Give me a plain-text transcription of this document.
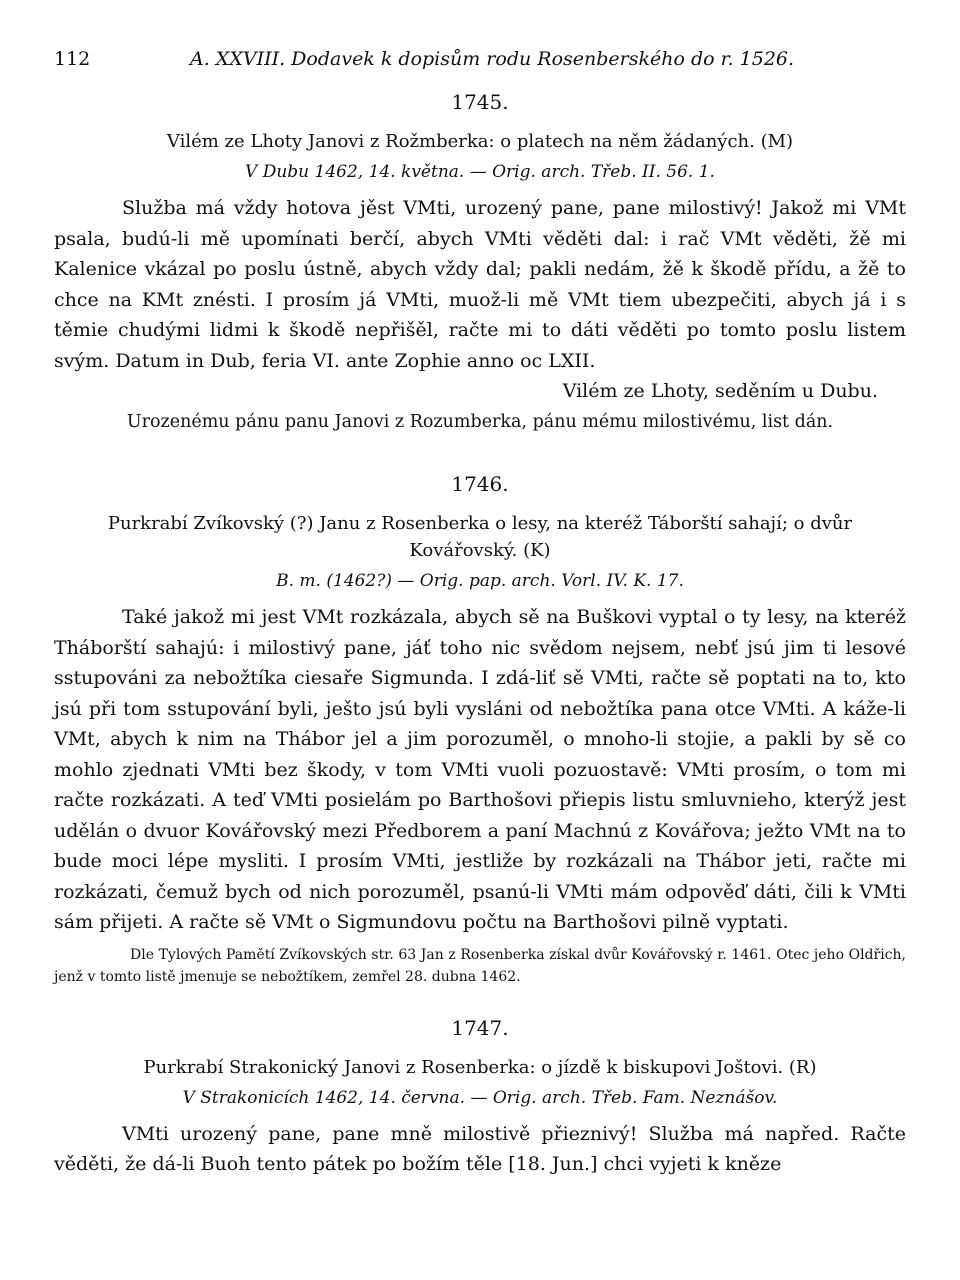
112	A. XXVIII. Dodavek k dopisům rodu Rosenberského do r. 1526.
1745.

Vilém ze Lhoty Janovi z Rožmberka: o platech na něm žádaných. (M)

V Dubu 1462, 14. května. — Orig. arch. Třeb. II. 56. 1.

Služba má vždy hotova jěst VMti, urozený pane, pane milostivý! Jakož mi VMt psala, budú-li mě upomínati berčí, abych VMti věděti dal: i rač VMt věděti, žě mi Kalenice vkázal po poslu ústně, abych vždy dal; pakli nedám, žě k škodě přídu, a žě to chce na KMt znésti. I prosím já VMti, muož-li mě VMt tiem ubezpečiti, abych já i s těmie chudými lidmi k škodě nepřišěl, račte mi to dáti věděti po tomto poslu listem svým. Datum in Dub, feria VI. ante Zophie anno oc LXII.

Vilém ze Lhoty, seděním u Dubu.

Urozenému pánu panu Janovi z Rozumberka, pánu mému milostivému, list dán.

1746.

Purkrabí Zvíkovský (?) Janu z Rosenberka o lesy, na kteréž Táborští sahají; o dvůr Kovářovský. (K)

B. m. (1462?) — Orig. pap. arch. Vorl. IV. K. 17.

Také jakož mi jest VMt rozkázala, abych sě na Buškovi vyptal o ty lesy, na kteréž Tháborští sahajú: i milostivý pane, jáť toho nic svědom nejsem, nebť jsú jim ti lesové sstupováni za nebožtíka ciesaře Sigmunda. I zdá-liť sě VMti, račte sě poptati na to, kto jsú při tom sstupování byli, ješto jsú byli vysláni od nebožtíka pana otce VMti. A káže-li VMt, abych k nim na Thábor jel a jim porozuměl, o mnoho-li stojie, a pakli by sě co mohlo zjednati VMti bez škody, v tom VMti vuoli pozuostavě: VMti prosím, o tom mi račte rozkázati. A teď VMti posielám po Barthošovi přiepis listu smluvnieho, kterýž jest udělán o dvuor Kovářovský mezi Předborem a paní Machnú z Kovářova; ježto VMt na to bude moci lépe mysliti. I prosím VMti, jestliže by rozkázali na Thábor jeti, račte mi rozkázati, čemuž bych od nich porozuměl, psanú-li VMti mám odpověď dáti, čili k VMti sám přijeti. A račte sě VMt o Sigmundovu počtu na Barthošovi pilně vyptati.

Dle Tylových Pamětí Zvíkovských str. 63 Jan z Rosenberka získal dvůr Kovářovský r. 1461. Otec jeho Oldřich, jenž v tomto listě jmenuje se nebožtíkem, zemřel 28. dubna 1462.

1747.

Purkrabí Strakonický Janovi z Rosenberka: o jízdě k biskupovi Joštovi. (R)

V Strakonicích 1462, 14. června. — Orig. arch. Třeb. Fam. Neznášov.

VMti urozený pane, pane mně milostivě přieznivý! Služba má napřed. Račte věděti, že dá-li Buoh tento pátek po božím těle [18. Jun.] chci vyjeti k kněze
